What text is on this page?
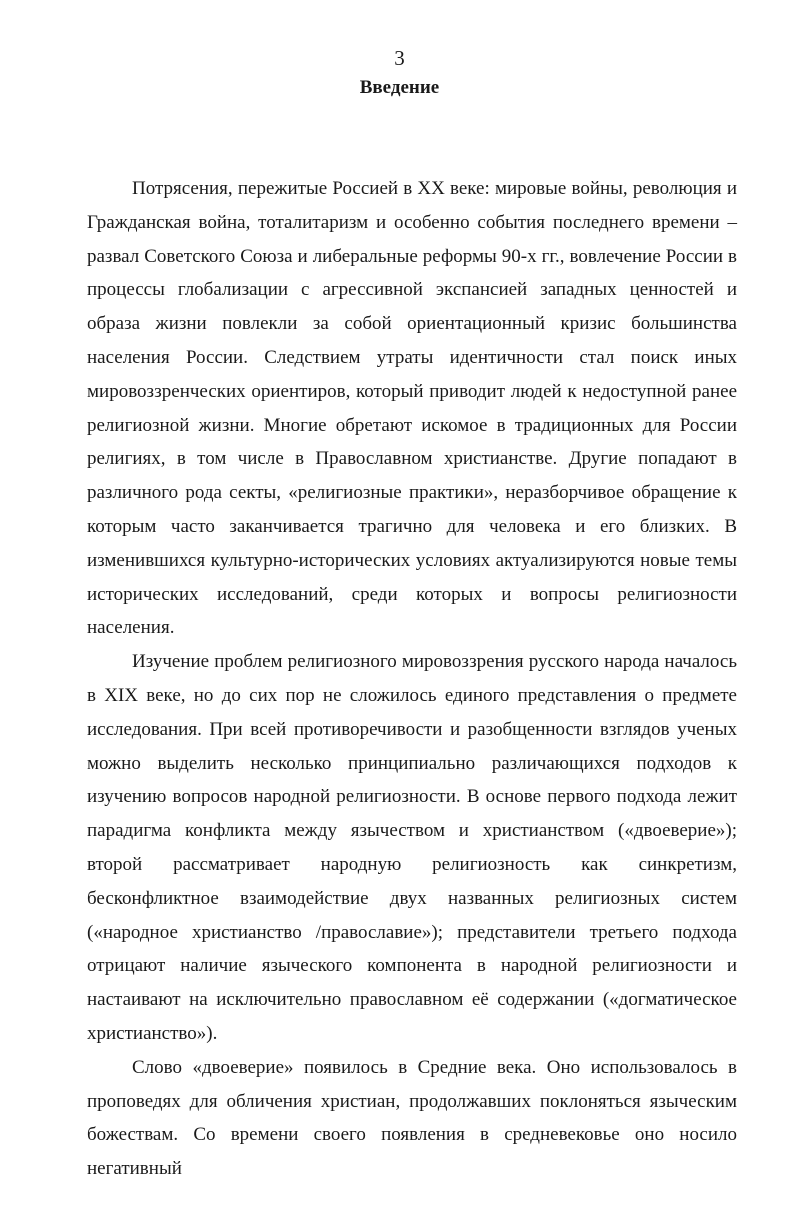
3
Введение

Потрясения, пережитые Россией в XX веке: мировые войны, революция и Гражданская война, тоталитаризм и особенно события последнего времени – развал Советского Союза и либеральные реформы 90-х гг., вовлечение России в процессы глобализации с агрессивной экспансией западных ценностей и образа жизни повлекли за собой ориентационный кризис большинства населения России. Следствием утраты идентичности стал поиск иных мировоззренческих ориентиров, который приводит людей к недоступной ранее религиозной жизни. Многие обретают искомое в традиционных для России религиях, в том числе в Православном христианстве. Другие попадают в различного рода секты, «религиозные практики», неразборчивое обращение к которым часто заканчивается трагично для человека и его близких. В изменившихся культурно-исторических условиях актуализируются новые темы исторических исследований, среди которых и вопросы религиозности населения.

Изучение проблем религиозного мировоззрения русского народа началось в XIX веке, но до сих пор не сложилось единого представления о предмете исследования. При всей противоречивости и разобщенности взглядов ученых можно выделить несколько принципиально различающихся подходов к изучению вопросов народной религиозности. В основе первого подхода лежит парадигма конфликта между язычеством и христианством («двоеверие»); второй рассматривает народную религиозность как синкретизм, бесконфликтное взаимодействие двух названных религиозных систем («народное христианство /православие»); представители третьего подхода отрицают наличие языческого компонента в народной религиозности и настаивают на исключительно православном её содержании («догматическое христианство»).

Слово «двоеверие» появилось в Средние века. Оно использовалось в проповедях для обличения христиан, продолжавших поклоняться языческим божествам. Со времени своего появления в средневековье оно носило негативный
